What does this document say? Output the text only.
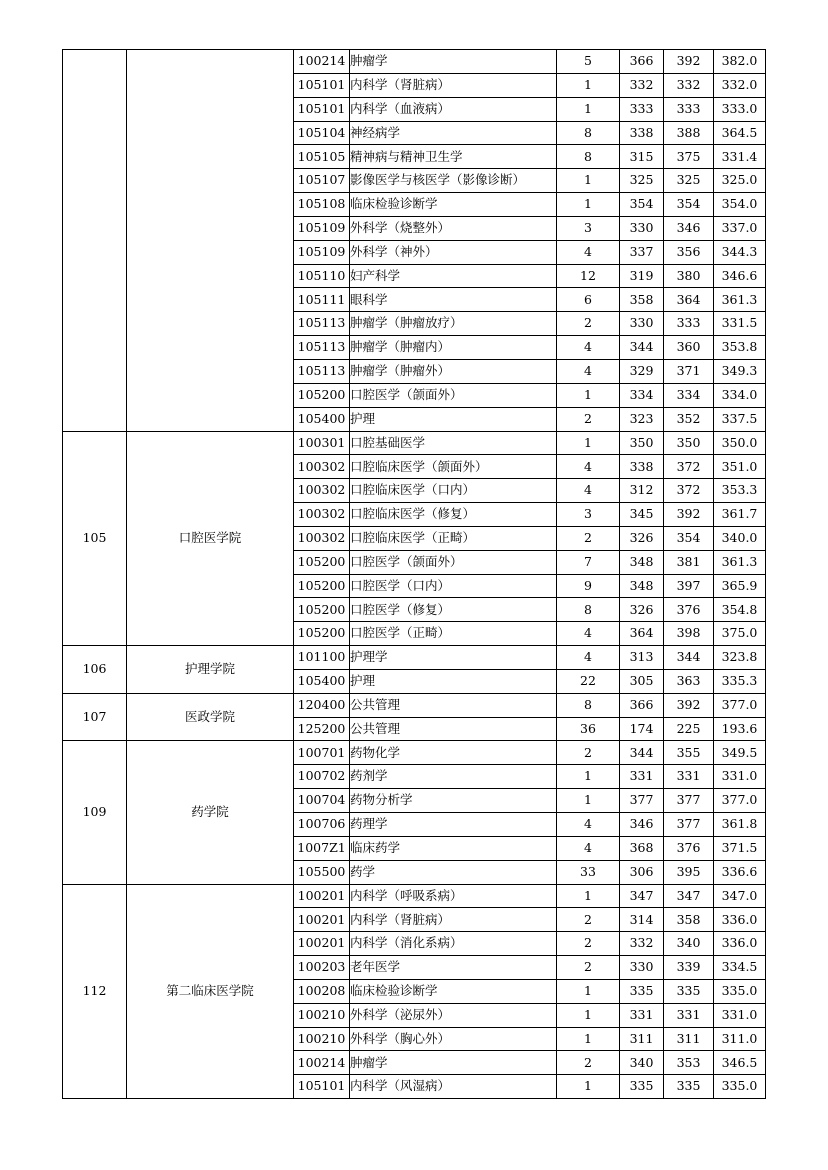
		100214	肿瘤学	5	366	392	382.0
		105101	内科学（肾脏病）	1	332	332	332.0
		105101	内科学（血液病）	1	333	333	333.0
		105104	神经病学	8	338	388	364.5
		105105	精神病与精神卫生学	8	315	375	331.4
		105107	影像医学与核医学（影像诊断）	1	325	325	325.0
		105108	临床检验诊断学	1	354	354	354.0
		105109	外科学（烧整外）	3	330	346	337.0
		105109	外科学（神外）	4	337	356	344.3
		105110	妇产科学	12	319	380	346.6
		105111	眼科学	6	358	364	361.3
		105113	肿瘤学（肿瘤放疗）	2	330	333	331.5
		105113	肿瘤学（肿瘤内）	4	344	360	353.8
		105113	肿瘤学（肿瘤外）	4	329	371	349.3
		105200	口腔医学（颌面外）	1	334	334	334.0
		105400	护理	2	323	352	337.5
105	口腔医学院	100301	口腔基础医学	1	350	350	350.0
		100302	口腔临床医学（颌面外）	4	338	372	351.0
		100302	口腔临床医学（口内）	4	312	372	353.3
		100302	口腔临床医学（修复）	3	345	392	361.7
		100302	口腔临床医学（正畸）	2	326	354	340.0
		105200	口腔医学（颌面外）	7	348	381	361.3
		105200	口腔医学（口内）	9	348	397	365.9
		105200	口腔医学（修复）	8	326	376	354.8
		105200	口腔医学（正畸）	4	364	398	375.0
106	护理学院	101100	护理学	4	313	344	323.8
		105400	护理	22	305	363	335.3
107	医政学院	120400	公共管理	8	366	392	377.0
		125200	公共管理	36	174	225	193.6
109	药学院	100701	药物化学	2	344	355	349.5
		100702	药剂学	1	331	331	331.0
		100704	药物分析学	1	377	377	377.0
		100706	药理学	4	346	377	361.8
		1007Z1	临床药学	4	368	376	371.5
		105500	药学	33	306	395	336.6
112	第二临床医学院	100201	内科学（呼吸系病）	1	347	347	347.0
		100201	内科学（肾脏病）	2	314	358	336.0
		100201	内科学（消化系病）	2	332	340	336.0
		100203	老年医学	2	330	339	334.5
		100208	临床检验诊断学	1	335	335	335.0
		100210	外科学（泌尿外）	1	331	331	331.0
		100210	外科学（胸心外）	1	311	311	311.0
		100214	肿瘤学	2	340	353	346.5
		105101	内科学（风湿病）	1	335	335	335.0
